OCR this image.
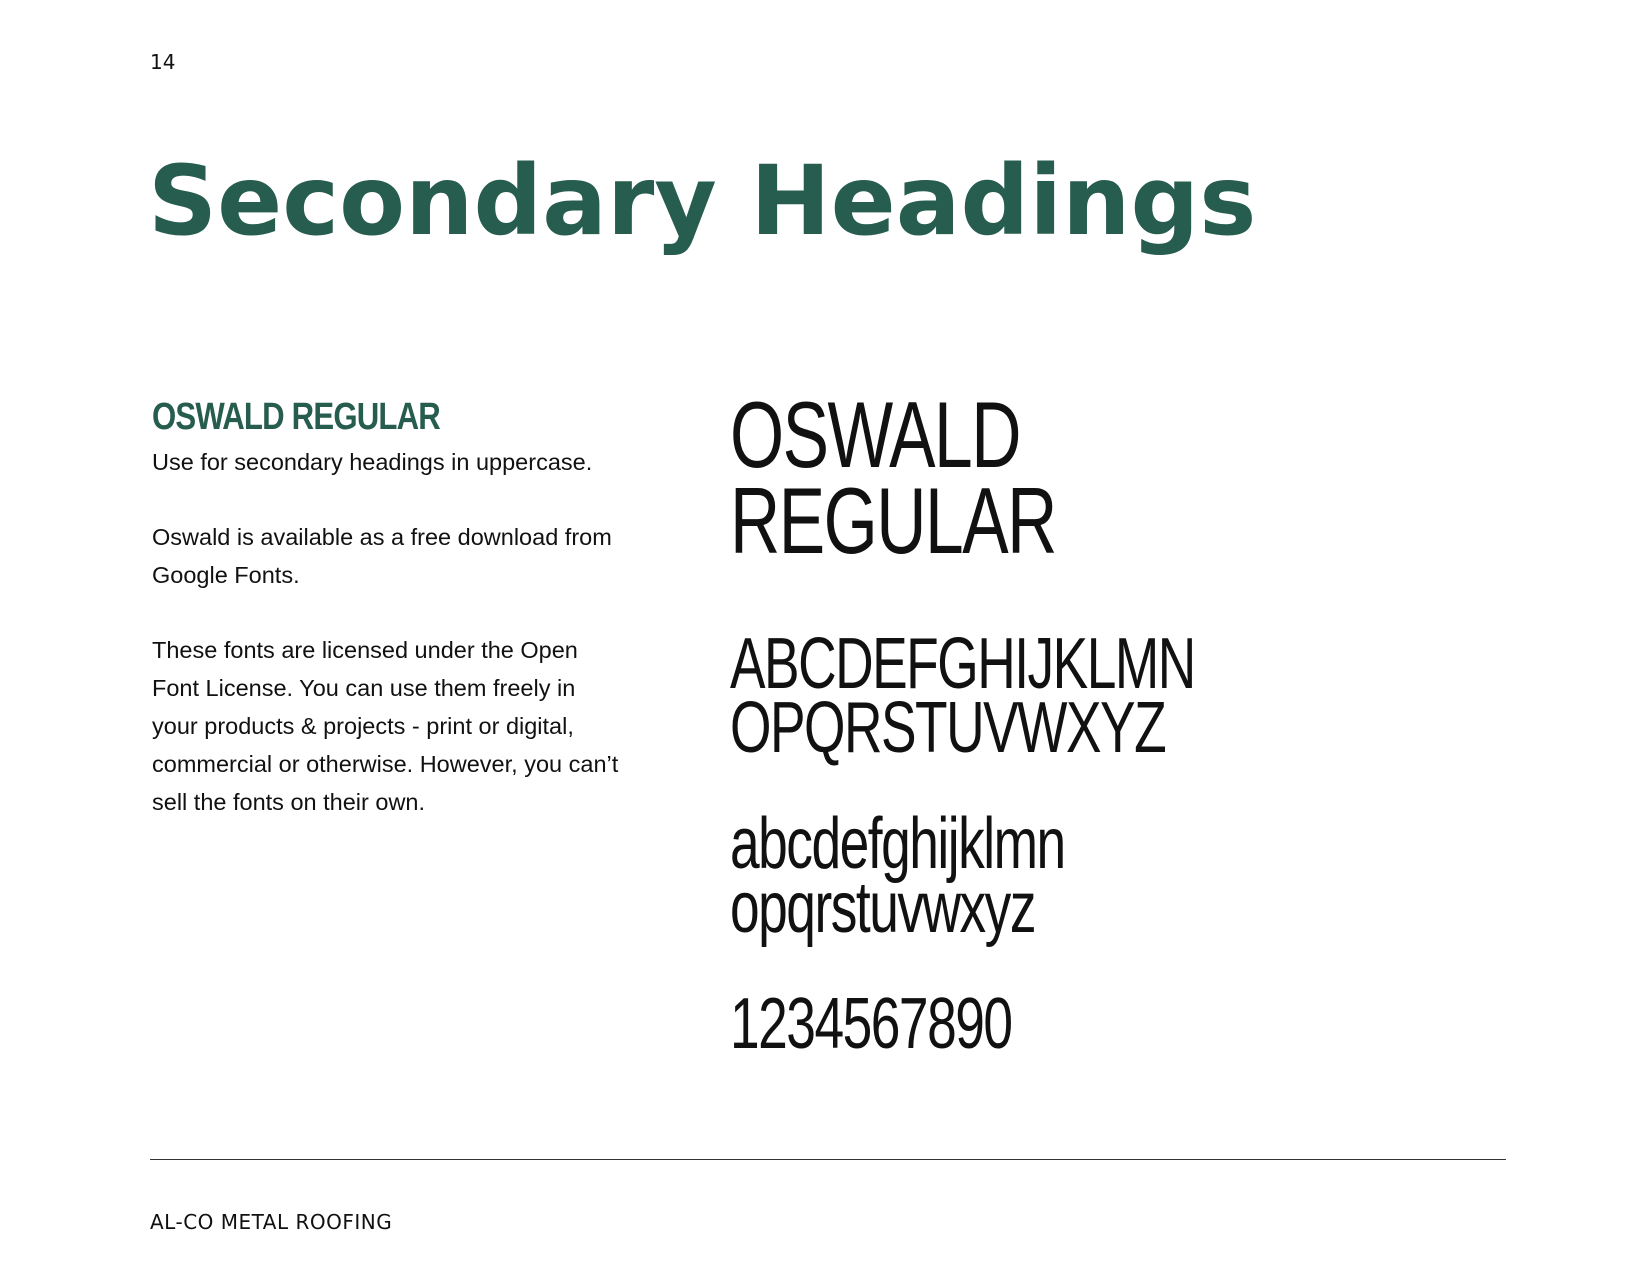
14
Secondary Headings
OSWALD REGULAR

Use for secondary headings in uppercase.

Oswald is available as a free download from Google Fonts.

These fonts are licensed under the Open Font License. You can use them freely in your products & projects - print or digital, commercial or otherwise. However, you can’t sell the fonts on their own.

OSWALD
REGULAR
ABCDEFGHIJKLMN
OPQRSTUVWXYZ
abcdefghijklmn
opqrstuvwxyz
1234567890
AL-CO METAL ROOFING
